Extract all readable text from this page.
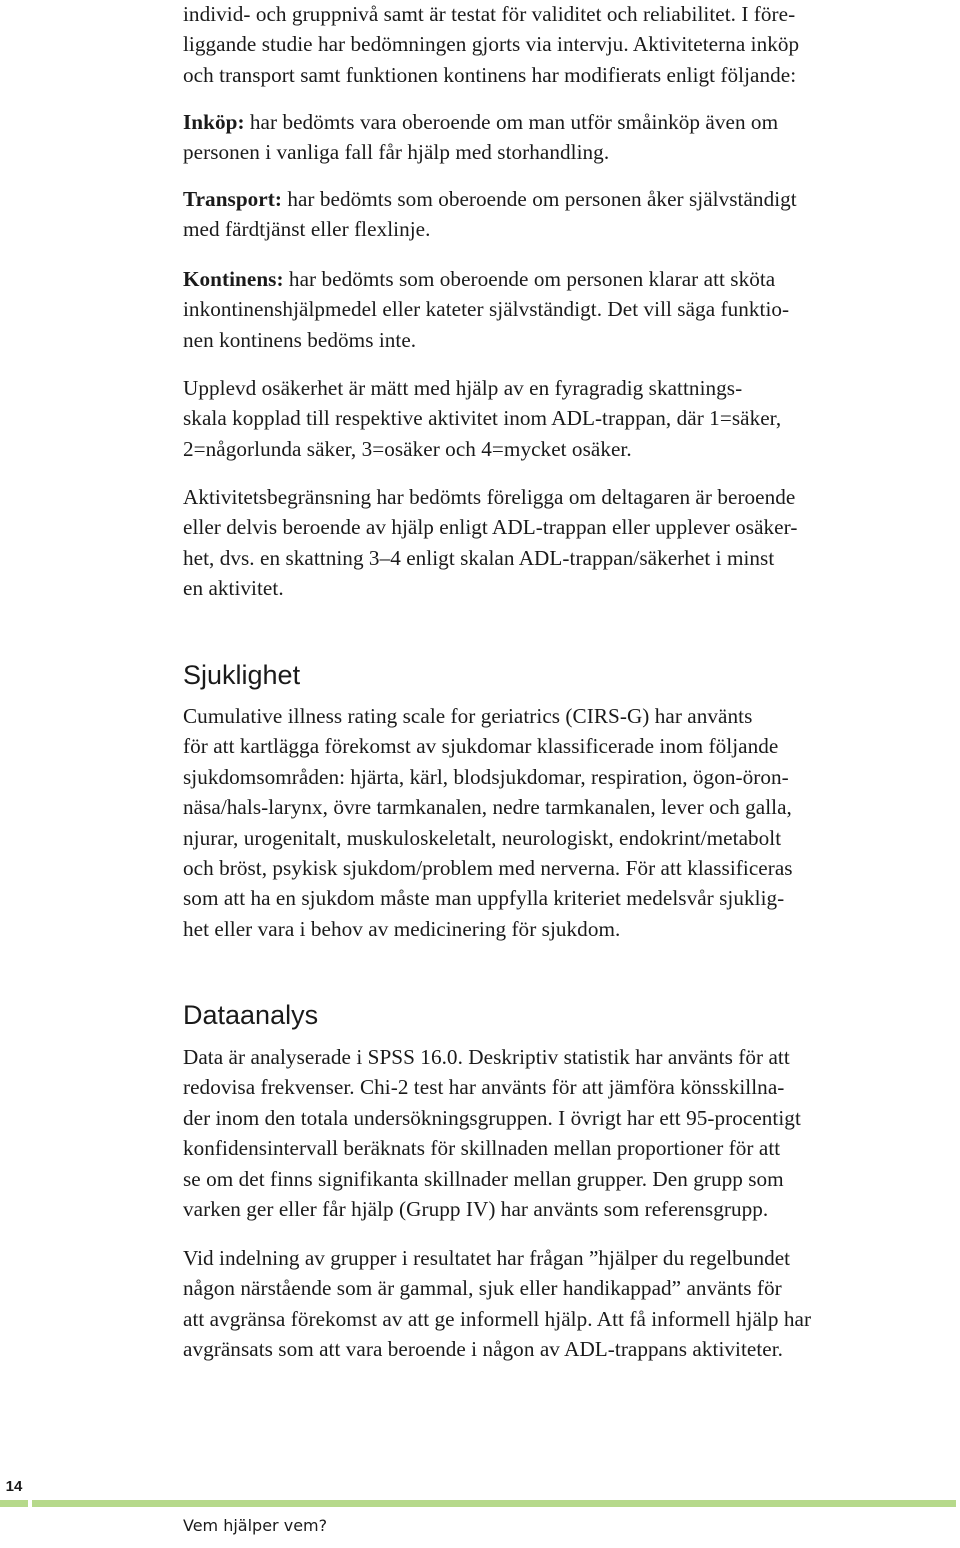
individ- och gruppnivå samt är testat för validitet och reliabilitet. I före-
liggande studie har bedömningen gjorts via intervju. Aktiviteterna inköp
och transport samt funktionen kontinens har modifierats enligt följande:

Inköp: har bedömts vara oberoende om man utför småinköp även om
personen i vanliga fall får hjälp med storhandling.

Transport: har bedömts som oberoende om personen åker självständigt
med färdtjänst eller flexlinje.

Kontinens: har bedömts som oberoende om personen klarar att sköta
inkontinenshjälpmedel eller kateter självständigt. Det vill säga funktio-
nen kontinens bedöms inte.

Upplevd osäkerhet är mätt med hjälp av en fyragradig skattnings-
skala kopplad till respektive aktivitet inom ADL-trappan, där 1=säker,
2=någorlunda säker, 3=osäker och 4=mycket osäker.

Aktivitetsbegränsning har bedömts föreligga om deltagaren är beroende
eller delvis beroende av hjälp enligt ADL-trappan eller upplever osäker-
het, dvs. en skattning 3–4 enligt skalan ADL-trappan/säkerhet i minst
en aktivitet.

Sjuklighet

Cumulative illness rating scale for geriatrics (CIRS-G) har använts
för att kartlägga förekomst av sjukdomar klassificerade inom följande
sjukdomsområden: hjärta, kärl, blodsjukdomar, respiration, ögon-öron-
näsa/hals-larynx, övre tarmkanalen, nedre tarmkanalen, lever och galla,
njurar, urogenitalt, muskuloskeletalt, neurologiskt, endokrint/metabolt
och bröst, psykisk sjukdom/problem med nerverna. För att klassificeras
som att ha en sjukdom måste man uppfylla kriteriet medelsvår sjuklig-
het eller vara i behov av medicinering för sjukdom.

Dataanalys

Data är analyserade i SPSS 16.0. Deskriptiv statistik har använts för att
redovisa frekvenser. Chi-2 test har använts för att jämföra könsskillna-
der inom den totala undersökningsgruppen. I övrigt har ett 95-procentigt
konfidensintervall beräknats för skillnaden mellan proportioner för att
se om det finns signifikanta skillnader mellan grupper. Den grupp som
varken ger eller får hjälp (Grupp IV) har använts som referensgrupp.

Vid indelning av grupper i resultatet har frågan ”hjälper du regelbundet
någon närstående som är gammal, sjuk eller handikappad” använts för
att avgränsa förekomst av att ge informell hjälp. Att få informell hjälp har
avgränsats som att vara beroende i någon av ADL-trappans aktiviteter.

14
Vem hjälper vem?
